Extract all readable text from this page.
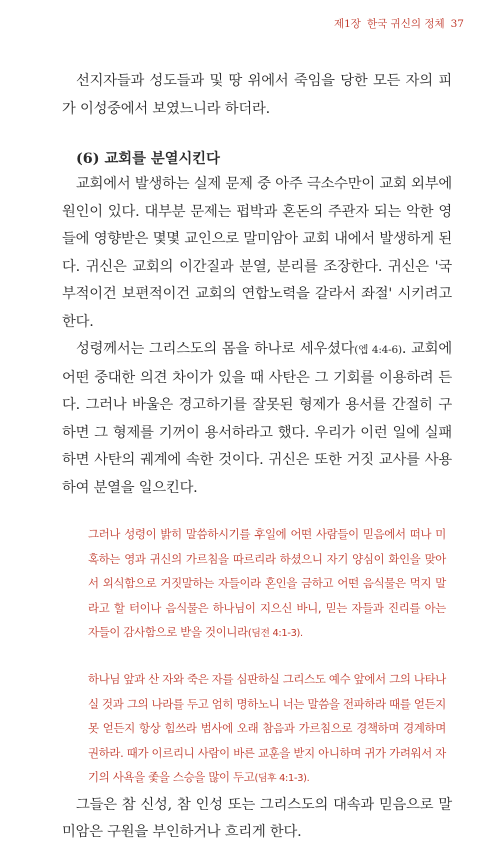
제1장 한국 귀신의 정체 37

선지자들과 성도들과 및 땅 위에서 죽임을 당한 모든 자의 피가 이성중에서 보였느니라 하더라.

(6) 교회를 분열시킨다

교회에서 발생하는 실제 문제 중 아주 극소수만이 교회 외부에 원인이 있다. 대부분 문제는 펍박과 혼돈의 주관자 되는 악한 영들에 영향받은 몇몇 교인으로 말미암아 교회 내에서 발생하게 된다. 귀신은 교회의 이간질과 분열, 분리를 조장한다. 귀신은 '국부적이건 보편적이건 교회의 연합노력을 갈라서 좌절' 시키려고 한다.

성령께서는 그리스도의 몸을 하나로 세우셨다(엡 4:4-6). 교회에 어떤 중대한 의견 차이가 있을 때 사탄은 그 기회를 이용하려 든다. 그러나 바울은 경고하기를 잘못된 형제가 용서를 간절히 구하면 그 형제를 기꺼이 용서하라고 했다. 우리가 이런 일에 실패하면 사탄의 궤계에 속한 것이다. 귀신은 또한 거짓 교사를 사용하여 분열을 일으킨다.

그러나 성령이 밝히 말씀하시기를 후일에 어떤 사람들이 믿음에서 떠나 미혹하는 영과 귀신의 가르침을 따르리라 하셨으니 자기 양심이 화인을 맞아서 외식함으로 거짓말하는 자들이라 혼인을 금하고 어떤 음식물은 먹지 말라고 할 터이나 음식물은 하나님이 지으신 바니, 믿는 자들과 진리를 아는 자들이 감사함으로 받을 것이니라(딤전 4:1-3).
하나님 앞과 산 자와 죽은 자를 심판하실 그리스도 예수 앞에서 그의 나타나실 것과 그의 나라를 두고 엄히 명하노니 너는 말씀을 전파하라 때를 얻든지 못 얻든지 항상 힘쓰라 범사에 오래 참음과 가르침으로 경책하며 경계하며 권하라. 때가 이르리니 사람이 바른 교훈을 받지 아니하며 귀가 가려워서 자기의 사욕을 좇을 스승을 많이 두고(딤후 4:1-3).

그들은 참 신성, 참 인성 또는 그리스도의 대속과 믿음으로 말미암은 구원을 부인하거나 흐리게 한다.
